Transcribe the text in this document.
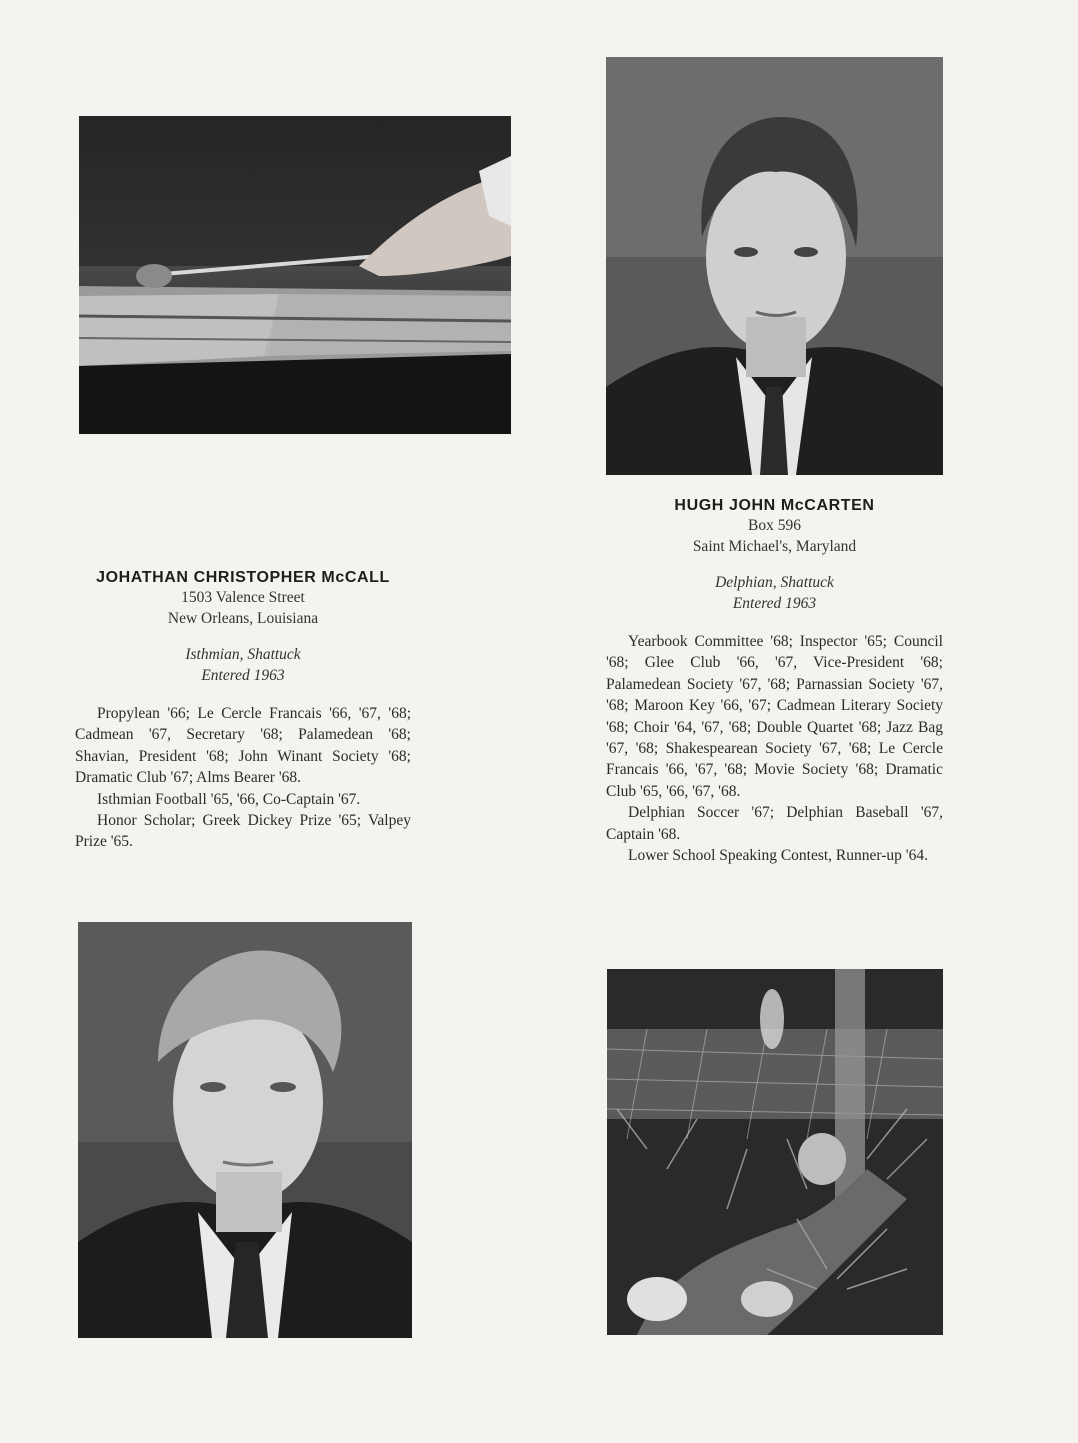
JOHATHAN CHRISTOPHER McCALL
1503 Valence Street
New Orleans, Louisiana
Isthmian, Shattuck
Entered 1963

Propylean '66; Le Cercle Francais '66, '67, '68; Cadmean '67, Secretary '68; Palamedean '68; Shavian, President '68; John Winant Society '68; Dramatic Club '67; Alms Bearer '68.

Isthmian Football '65, '66, Co-Captain '67.

Honor Scholar; Greek Dickey Prize '65; Valpey Prize '65.

HUGH JOHN McCARTEN
Box 596
Saint Michael's, Maryland
Delphian, Shattuck
Entered 1963

Yearbook Committee '68; Inspector '65; Council '68; Glee Club '66, '67, Vice-President '68; Palamedean Society '67, '68; Parnassian Society '67, '68; Maroon Key '66, '67; Cadmean Literary Society '68; Choir '64, '67, '68; Double Quartet '68; Jazz Bag '67, '68; Shakespearean Society '67, '68; Le Cercle Francais '66, '67, '68; Movie Society '68; Dramatic Club '65, '66, '67, '68.

Delphian Soccer '67; Delphian Baseball '67, Captain '68.

Lower School Speaking Contest, Runner-up '64.
